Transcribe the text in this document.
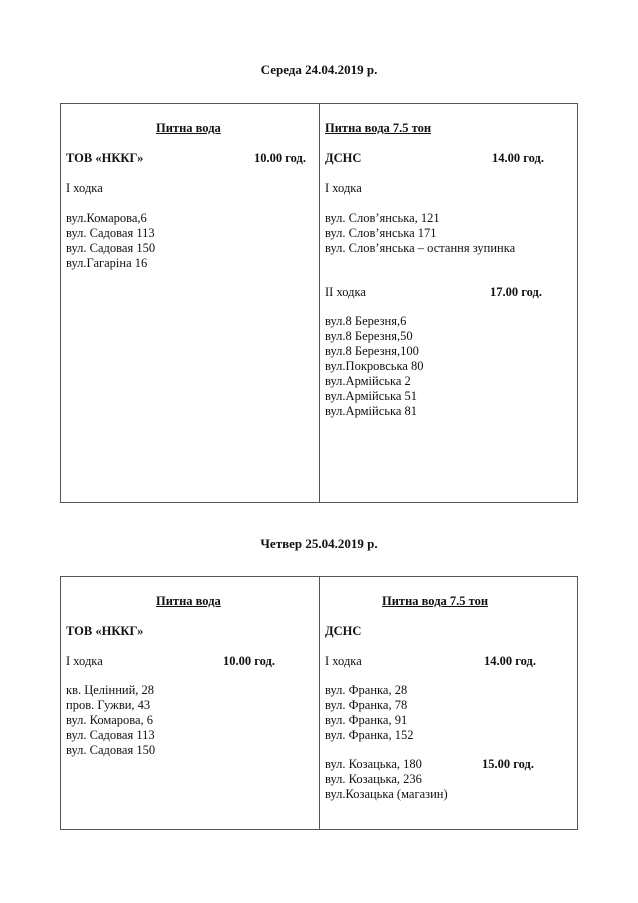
Середа 24.04.2019 р.
Питна вода
ТОВ «НККГ»	10.00 год.
І ходка
вул.Комарова,6
вул. Садовая 113
вул. Садовая 150
вул.Гагаріна 16
Питна вода 7.5 тон
ДСНС	14.00 год.
І ходка
вул. Слов’янська, 121
вул. Слов’янська 171
вул. Слов’янська – остання зупинка
ІІ ходка	17.00 год.
вул.8 Березня,6
вул.8 Березня,50
вул.8 Березня,100
вул.Покровська 80
вул.Армійська 2
вул.Армійська 51
вул.Армійська 81
Четвер 25.04.2019 р.
Питна вода
ТОВ «НККГ»
І ходка	10.00 год.
кв. Целінний, 28
пров. Гужви, 43
вул. Комарова, 6
вул. Садовая 113
вул. Садовая 150
Питна вода 7.5 тон
ДСНС
І ходка	14.00 год.
вул. Франка, 28
вул. Франка, 78
вул. Франка, 91
вул. Франка, 152
вул. Козацька, 180	15.00 год.
вул. Козацька, 236
вул.Козацька (магазин)
